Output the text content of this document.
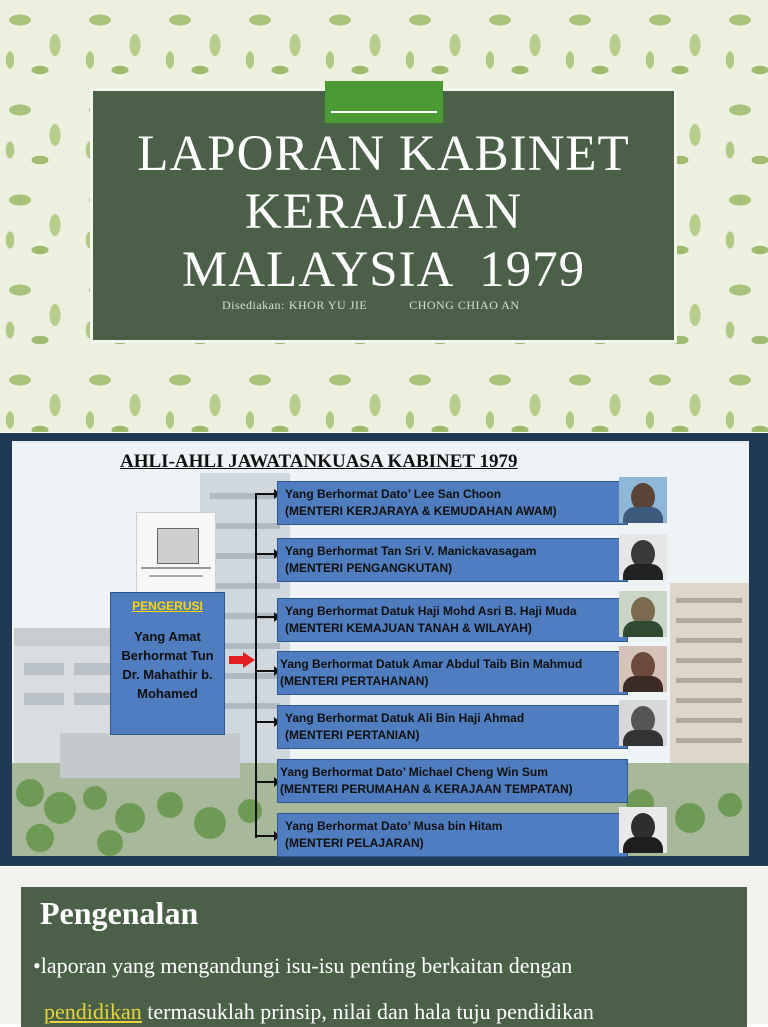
LAPORAN KABINET
KERAJAAN
MALAYSIA  1979
Disediakan: KHOR YU JIE	CHONG CHIAO AN
AHLI-AHLI JAWATANKUASA KABINET 1979
PENGERUSI
Yang Amat
Berhormat Tun
Dr. Mahathir b.
Mohamed
Yang Berhormat Dato’ Lee San Choon
(MENTERI KERJARAYA & KEMUDAHAN AWAM)
Yang Berhormat Tan Sri V. Manickavasagam
(MENTERI PENGANGKUTAN)
Yang Berhormat Datuk Haji Mohd Asri B. Haji Muda
(MENTERI KEMAJUAN TANAH & WILAYAH)
Yang Berhormat Datuk Amar Abdul Taib Bin Mahmud
(MENTERI PERTAHANAN)
Yang Berhormat Datuk Ali Bin Haji Ahmad
(MENTERI PERTANIAN)
Yang Berhormat Dato’ Michael Cheng Win Sum
(MENTERI PERUMAHAN & KERAJAAN TEMPATAN)
Yang Berhormat Dato’ Musa bin Hitam
(MENTERI PELAJARAN)
Pengenalan
•laporan yang mengandungi isu-isu penting berkaitan dengan
pendidikan termasuklah prinsip, nilai dan hala tuju pendidikan
